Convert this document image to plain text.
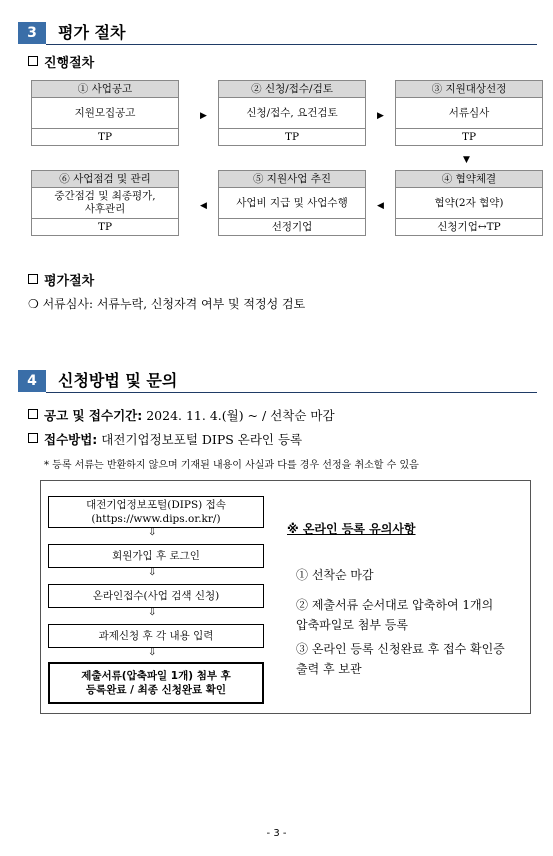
3	평가 절차
진행절차
① 사업공고
지원모집공고
TP
▶
② 신청/접수/검토
신청/접수, 요건검토
TP
▶
③ 지원대상선정
서류심사
TP
▼
⑥ 사업점검 및 관리
중간점검 및 최종평가,
사후관리
TP
◀
⑤ 지원사업 추진
사업비 지급 및 사업수행
선정기업
◀
④ 협약체결
협약(2자 협약)
신청기업↔TP
평가절차
❍ 서류심사: 서류누락, 신청자격 여부 및 적정성 검토
4	신청방법 및 문의
공고 및 접수기간: 2024. 11. 4.(월) ~ / 선착순 마감
접수방법: 대전기업정보포털 DIPS 온라인 등록
* 등록 서류는 반환하지 않으며 기재된 내용이 사실과 다를 경우 선정을 취소할 수 있음
대전기업정보포털(DIPS) 접속
(https://www.dips.or.kr/)
⇩
회원가입 후 로그인
⇩
온라인접수(사업 검색 신청)
⇩
과제신청 후 각 내용 입력
⇩
제출서류(압축파일 1개) 첨부 후
등록완료 / 최종 신청완료 확인
※ 온라인 등록 유의사항
① 선착순 마감
② 제출서류 순서대로 압축하여 1개의
압축파일로 첨부 등록
③ 온라인 등록 신청완료 후 접수 확인증
출력 후 보관
- 3 -
